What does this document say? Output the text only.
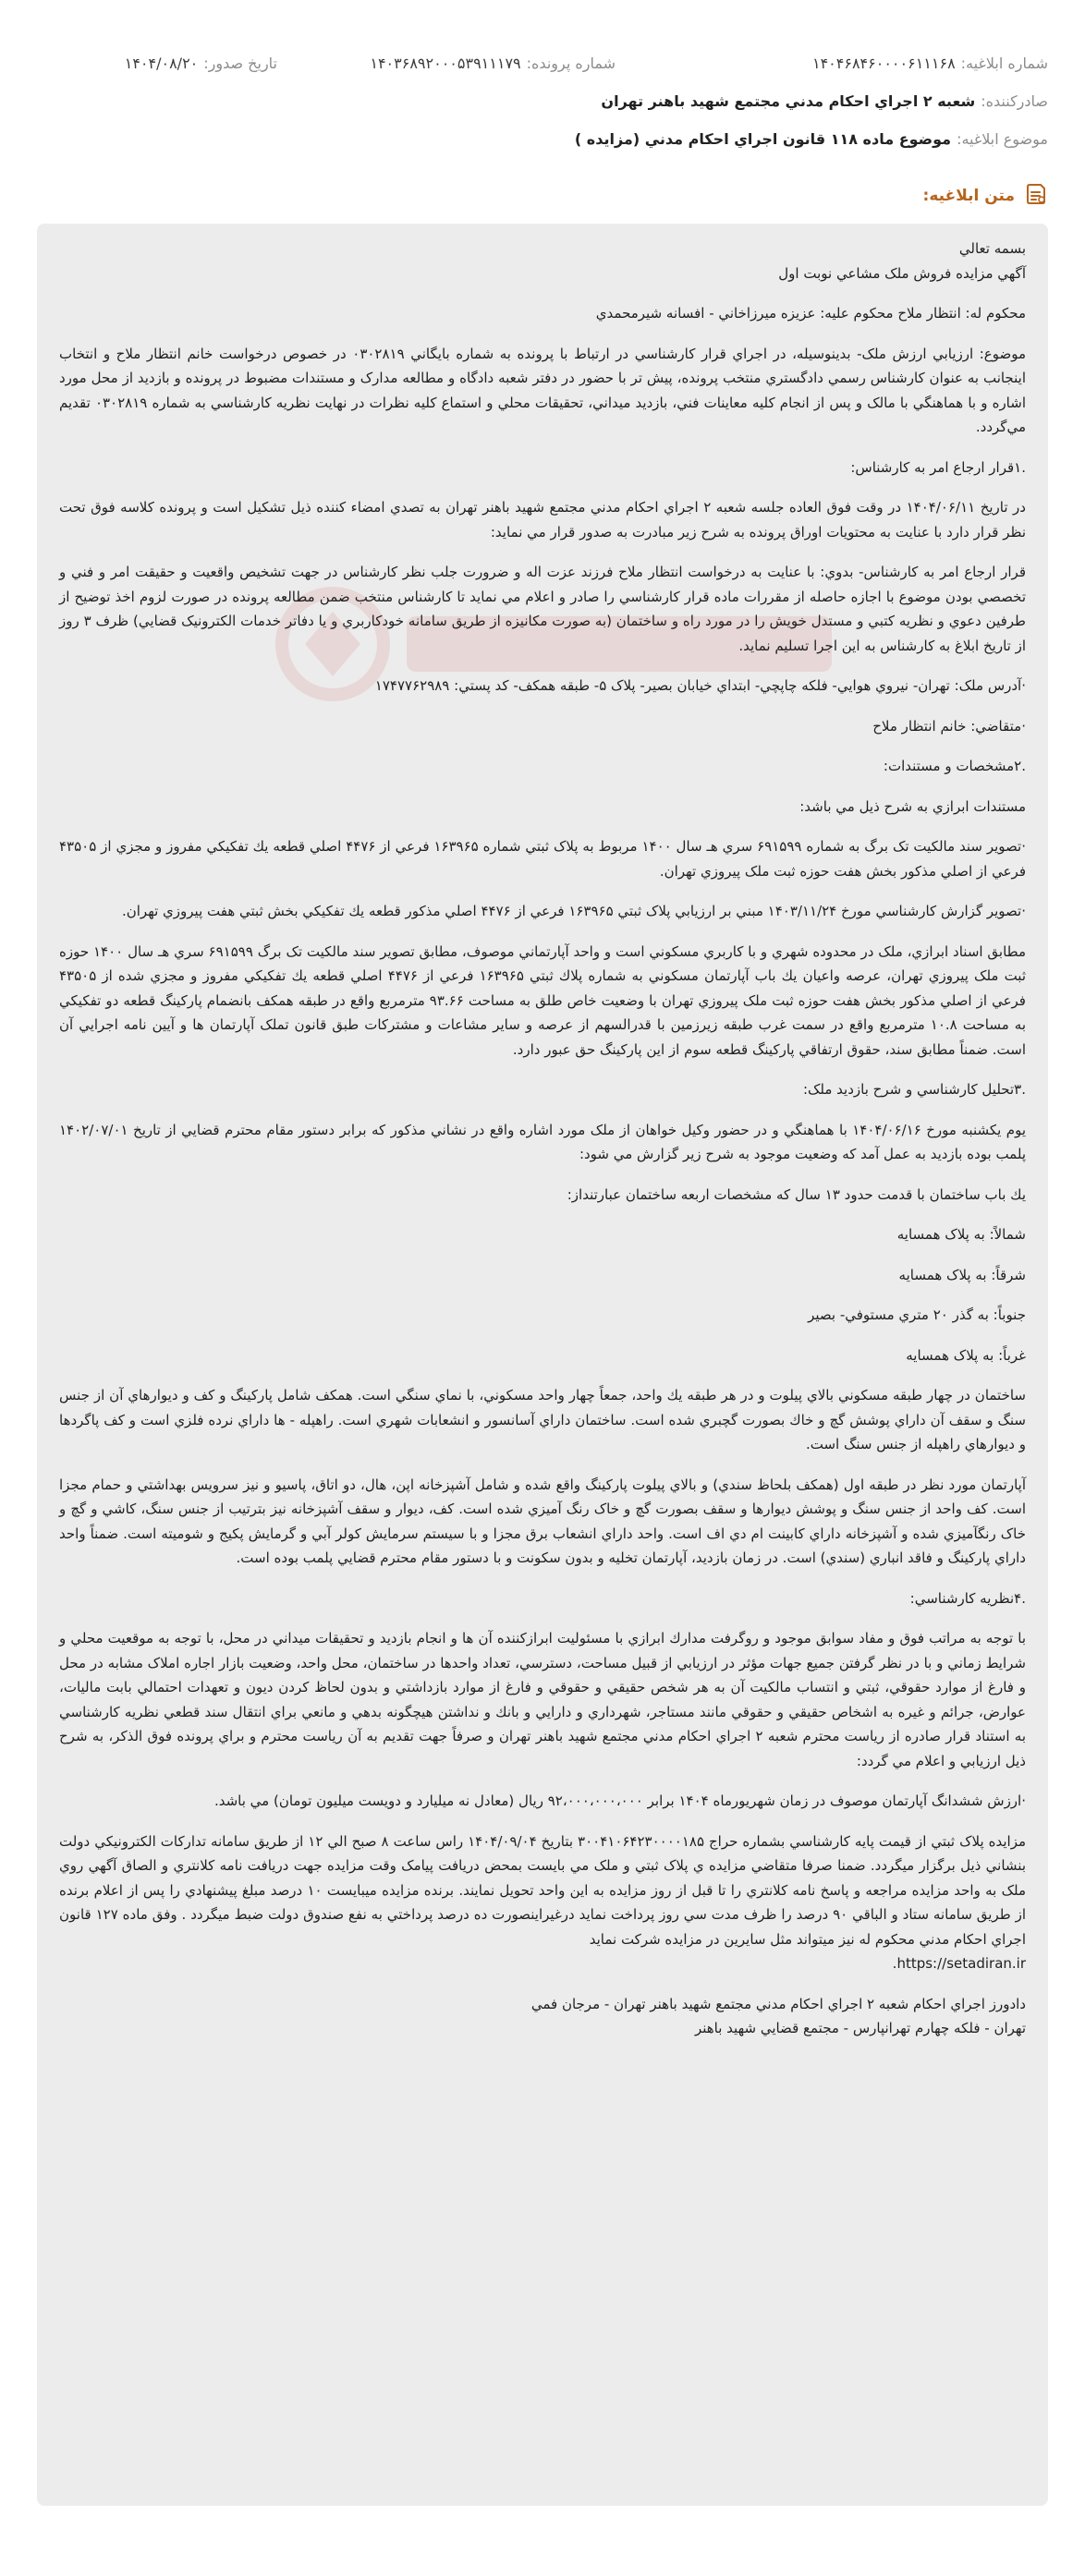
شماره ابلاغيه:
۱۴۰۴۶۸۴۶۰۰۰۰۶۱۱۱۶۸
شماره پرونده:
۱۴۰۳۶۸۹۲۰۰۰۵۳۹۱۱۱۷۹
تاريخ صدور:
۱۴۰۴/۰۸/۲۰
صادرکننده:
شعبه ۲ اجراي احکام مدني مجتمع شهيد باهنر تهران
موضوع ابلاغيه:
موضوع ماده ۱۱۸ قانون اجراي احکام مدني (مزايده )
متن ابلاغيه:
بسمه تعالي
آگهي مزايده فروش ملک مشاعي نوبت اول
محکوم له: انتظار ملاح محکوم عليه: عزيزه ميرزاخاني - افسانه شيرمحمدي
موضوع: ارزيابي ارزش ملک- بدينوسيله، در اجراي قرار کارشناسي در ارتباط با پرونده به شماره بايگاني ۰۳۰۲۸۱۹ در خصوص درخواست خانم انتظار ملاح و انتخاب اينجانب به عنوان کارشناس رسمي دادگستري منتخب پرونده، پيش تر با حضور در دفتر شعبه دادگاه و مطالعه مدارک و مستندات مضبوط در پرونده و بازديد از محل مورد اشاره و با هماهنگي با مالک و پس از انجام کليه معاينات فني، بازديد ميداني، تحقيقات محلي و استماع کليه نظرات در نهايت نظريه کارشناسي به شماره ۰۳۰۲۸۱۹ تقديم مي‌گردد.
.۱قرار ارجاع امر به کارشناس:
در تاريخ ۱۴۰۴/۰۶/۱۱ در وقت فوق العاده جلسه شعبه ۲ اجراي احکام مدني مجتمع شهيد باهنر تهران به تصدي امضاء کننده ذيل تشکيل است و پرونده کلاسه فوق تحت نظر قرار دارد با عنايت به محتويات اوراق پرونده به شرح زير مبادرت به صدور قرار مي نمايد:
قرار ارجاع امر به کارشناس- بدوي: با عنايت به درخواست انتظار ملاح فرزند عزت اله و ضرورت جلب نظر کارشناس در جهت تشخيص واقعيت و حقيقت امر و فني و تخصصي بودن موضوع با اجازه حاصله از مقررات ماده قرار کارشناسي را صادر و اعلام مي نمايد تا کارشناس منتخب ضمن مطالعه پرونده در صورت لزوم اخذ توضيح از طرفين دعوي و نظريه کتبي و مستدل خويش را در مورد راه و ساختمان (به صورت مکانيزه از طريق سامانه خودکاربري و يا دفاتر خدمات الکترونيک قضايي) ظرف ۳ روز از تاريخ ابلاغ به کارشناس به اين اجرا تسليم نمايد.
·آدرس ملک: تهران- نيروي هوايي- فلکه چاپچي- ابتداي خيابان بصير- پلاک ۵- طبقه همکف- کد پستي: ۱۷۴۷۷۶۲۹۸۹
·متقاضي: خانم انتظار ملاح
.۲مشخصات و مستندات:
مستندات ابرازي به شرح ذيل مي باشد:
·تصوير سند مالکيت تک برگ به شماره ۶۹۱۵۹۹ سري هـ سال ۱۴۰۰ مربوط به پلاک ثبتي شماره ۱۶۳۹۶۵ فرعي از ۴۴۷۶ اصلي قطعه يك تفكيكي مفروز و مجزي از ۴۳۵۰۵ فرعي از اصلي مذکور بخش هفت حوزه ثبت ملک پيروزي تهران.
·تصوير گزارش کارشناسي مورخ ۱۴۰۳/۱۱/۲۴ مبني بر ارزيابي پلاک ثبتي ۱۶۳۹۶۵ فرعي از ۴۴۷۶ اصلي مذکور قطعه يك تفكيكي بخش ثبتي هفت پيروزي تهران.
مطابق اسناد ابرازي، ملک در محدوده شهري و با کاربري مسکوني است و واحد آپارتماني موصوف، مطابق تصوير سند مالکيت تک برگ ۶۹۱۵۹۹ سري هـ سال ۱۴۰۰ حوزه ثبت ملک پيروزي تهران، عرصه واعيان يك باب آپارتمان مسکوني به شماره پلاك ثبتي ۱۶۳۹۶۵ فرعي از ۴۴۷۶ اصلي قطعه يك تفكيكي مفروز و مجزي شده از ۴۳۵۰۵ فرعي از اصلي مذکور بخش هفت حوزه ثبت ملک پيروزي تهران با وضعيت خاص طلق به مساحت ۹۳.۶۶ مترمربع واقع در طبقه همکف بانضمام پارکينگ قطعه دو تفکيکي به مساحت ۱۰.۸ مترمربع واقع در سمت غرب طبقه زيرزمين با قدرالسهم از عرصه و ساير مشاعات و مشترکات طبق قانون تملک آپارتمان ها و آيين نامه اجرايي آن است. ضمناً مطابق سند، حقوق ارتفاقي پارکينگ قطعه سوم از اين پارکينگ حق عبور دارد.
.۳تحليل کارشناسي و شرح بازديد ملک:
يوم يکشنبه مورخ ۱۴۰۴/۰۶/۱۶ با هماهنگي و در حضور وکيل خواهان از ملک مورد اشاره واقع در نشاني مذکور که برابر دستور مقام محترم قضايي از تاريخ ۱۴۰۲/۰۷/۰۱ پلمب بوده بازديد به عمل آمد که وضعيت موجود به شرح زير گزارش مي شود:
يك باب ساختمان با قدمت حدود ۱۳ سال که مشخصات اربعه ساختمان عبارتنداز:
شمالاً: به پلاک همسايه
شرقاً: به پلاک همسايه
جنوباً: به گذر ۲۰ متري مستوفي- بصير
غرباً: به پلاک همسايه
ساختمان در چهار طبقه مسکوني بالاي پيلوت و در هر طبقه يك واحد، جمعاً چهار واحد مسکوني، با نماي سنگي است. همکف شامل پارکينگ و کف و ديوارهاي آن از جنس سنگ و سقف آن داراي پوشش گچ و خاك بصورت گچبري شده است. ساختمان داراي آسانسور و انشعابات شهري است. راهپله - ها داراي نرده فلزي است و کف پاگردها و ديوارهاي راهپله از جنس سنگ است.
آپارتمان مورد نظر در طبقه اول (همکف بلحاظ سندي) و بالاي پيلوت پارکينگ واقع شده و شامل آشپزخانه اپن، هال، دو اتاق، پاسيو و نيز سرويس بهداشتي و حمام مجزا است. کف واحد از جنس سنگ و پوشش ديوارها و سقف بصورت گچ و خاک رنگ آميزي شده است. کف، ديوار و سقف آشپزخانه نيز بترتيب از جنس سنگ، کاشي و گچ و خاک رنگآميزي شده و آشپزخانه داراي کابينت ام دي اف است. واحد داراي انشعاب برق مجزا و با سيستم سرمايش کولر آبي و گرمايش پکيج و شوميته است. ضمناً واحد داراي پارکينگ و فاقد انباري (سندي) است. در زمان بازديد، آپارتمان تخليه و بدون سکونت و با دستور مقام محترم قضايي پلمب بوده است.
.۴نظريه کارشناسي:
با توجه به مراتب فوق و مفاد سوابق موجود و روگرفت مدارك ابرازي با مسئوليت ابرازكننده آن ها و انجام بازديد و تحقيقات ميداني در محل، با توجه به موقعيت محلي و شرايط زماني و با در نظر گرفتن جميع جهات مؤثر در ارزيابي از قبيل مساحت، دسترسي، تعداد واحدها در ساختمان، محل واحد، وضعيت بازار اجاره املاک مشابه در محل و فارغ از موارد حقوقي، ثبتي و انتساب مالکيت آن به هر شخص حقيقي و حقوقي و فارغ از موارد بازداشتي و بدون لحاظ کردن ديون و تعهدات احتمالي بابت ماليات، عوارض، جرائم و غيره به اشخاص حقيقي و حقوقي مانند مستاجر، شهرداري و دارايي و بانك و نداشتن هيچگونه بدهي و مانعي براي انتقال سند قطعي نظريه کارشناسي به استناد قرار صادره از رياست محترم شعبه ۲ اجراي احکام مدني مجتمع شهيد باهنر تهران و صرفاً جهت تقديم به آن رياست محترم و براي پرونده فوق الذکر، به شرح ذيل ارزيابي و اعلام مي گردد:
·ارزش ششدانگ آپارتمان موصوف در زمان شهريورماه ۱۴۰۴ برابر ۹۲،۰۰۰،۰۰۰،۰۰۰ ريال (معادل نه ميليارد و دويست ميليون تومان) مي باشد.
مزايده پلاک ثبتي از قيمت پايه کارشناسي بشماره حراج ۳۰۰۴۱۰۶۴۲۳۰۰۰۰۱۸۵ بتاريخ ۱۴۰۴/۰۹/۰۴ راس ساعت ۸ صبح الي ۱۲ از طريق سامانه تدارکات الکترونيکي دولت بنشاني ذيل برگزار ميگردد. ضمنا صرفا متقاضي مزايده ي پلاک ثبتي و ملک مي بايست بمحض دريافت پيامک وقت مزايده جهت دريافت نامه کلانتري و الصاق آگهي روي ملک به واحد مزايده مراجعه و پاسخ نامه کلانتري را تا قبل از روز مزايده به اين واحد تحويل نمايند. برنده مزايده ميبايست ۱۰ درصد مبلغ پيشنهادي را پس از اعلام برنده از طريق سامانه ستاد و الباقي ۹۰ درصد را ظرف مدت سي روز پرداخت نمايد درغيراينصورت ده درصد پرداختي به نفع صندوق دولت ضبط ميگردد . وفق ماده ۱۲۷ قانون اجراي احکام مدني محکوم له نيز ميتواند مثل سايرين در مزايده شرکت نمايد
https://setadiran.ir.
دادورز اجراي احکام شعبه ۲ اجراي احکام مدني مجتمع شهيد باهنر تهران - مرجان فمي
تهران - فلکه چهارم تهرانپارس - مجتمع قضايي شهيد باهنر
